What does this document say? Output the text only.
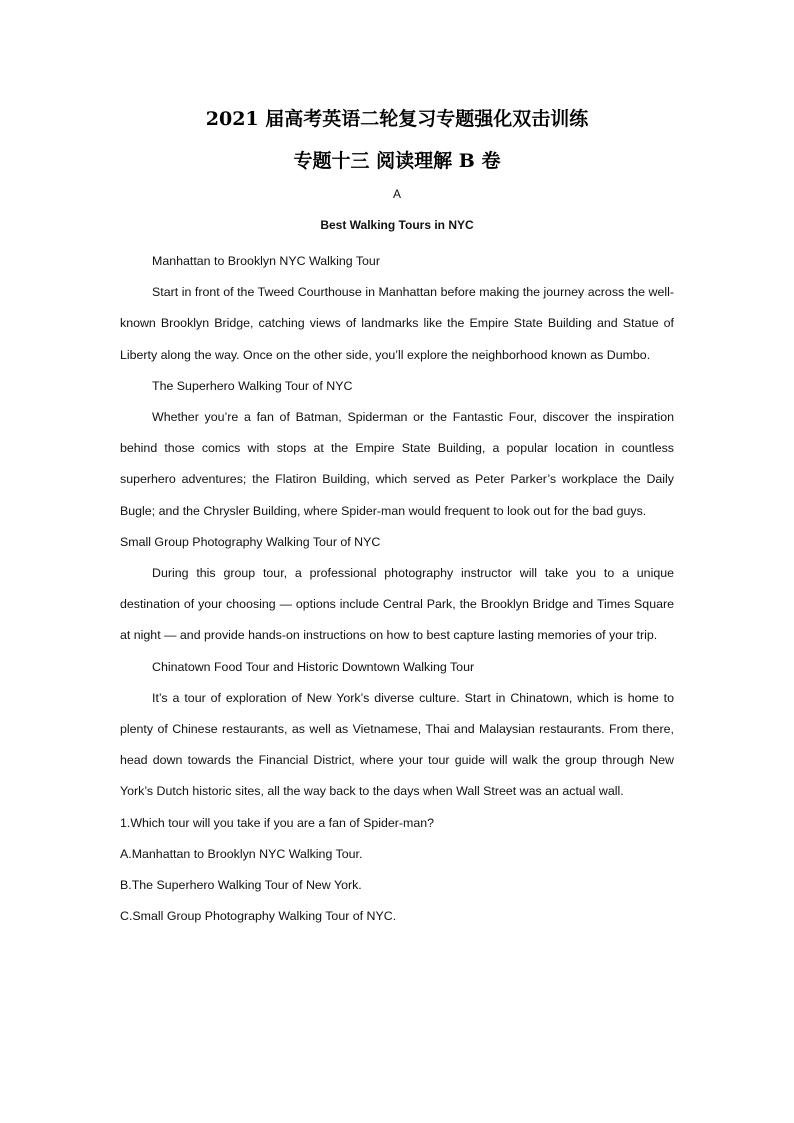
2021 届高考英语二轮复习专题强化双击训练
专题十三 阅读理解 B 卷
A
Best Walking Tours in NYC

Manhattan to Brooklyn NYC Walking Tour

Start in front of the Tweed Courthouse in Manhattan before making the journey across the well-known Brooklyn Bridge, catching views of landmarks like the Empire State Building and Statue of Liberty along the way. Once on the other side, you’ll explore the neighborhood known as Dumbo.

The Superhero Walking Tour of NYC

Whether you’re a fan of Batman, Spiderman or the Fantastic Four, discover the inspiration behind those comics with stops at the Empire State Building, a popular location in countless superhero adventures; the Flatiron Building, which served as Peter Parker’s workplace the Daily Bugle; and the Chrysler Building, where Spider-man would frequent to look out for the bad guys.

Small Group Photography Walking Tour of NYC

During this group tour, a professional photography instructor will take you to a unique destination of your choosing — options include Central Park, the Brooklyn Bridge and Times Square at night — and provide hands-on instructions on how to best capture lasting memories of your trip.

Chinatown Food Tour and Historic Downtown Walking Tour

It’s a tour of exploration of New York’s diverse culture. Start in Chinatown, which is home to plenty of Chinese restaurants, as well as Vietnamese, Thai and Malaysian restaurants. From there, head down towards the Financial District, where your tour guide will walk the group through New York’s Dutch historic sites, all the way back to the days when Wall Street was an actual wall.

1.Which tour will you take if you are a fan of Spider-man?

A.Manhattan to Brooklyn NYC Walking Tour.

B.The Superhero Walking Tour of New York.

C.Small Group Photography Walking Tour of NYC.
